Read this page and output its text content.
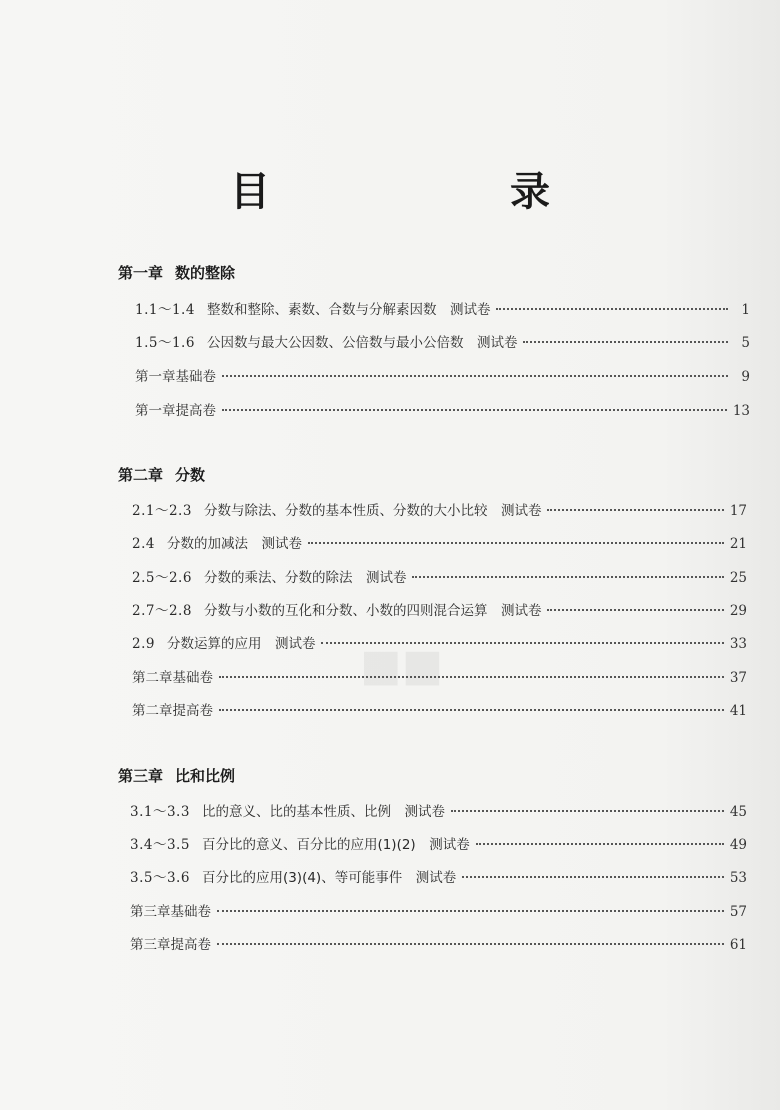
■■
目　录
第一章 数的整除
1.1～1.4 整数和整除、素数、合数与分解素因数　测试卷	1
1.5～1.6 公因数与最大公因数、公倍数与最小公倍数　测试卷	5
第一章基础卷	9
第一章提高卷	13
第二章 分数
2.1～2.3 分数与除法、分数的基本性质、分数的大小比较　测试卷	17
2.4 分数的加减法　测试卷	21
2.5～2.6 分数的乘法、分数的除法　测试卷	25
2.7～2.8 分数与小数的互化和分数、小数的四则混合运算　测试卷	29
2.9 分数运算的应用　测试卷	33
第二章基础卷	37
第二章提高卷	41
第三章 比和比例
3.1～3.3 比的意义、比的基本性质、比例　测试卷	45
3.4～3.5 百分比的意义、百分比的应用(1)(2)　测试卷	49
3.5～3.6 百分比的应用(3)(4)、等可能事件　测试卷	53
第三章基础卷	57
第三章提高卷	61
